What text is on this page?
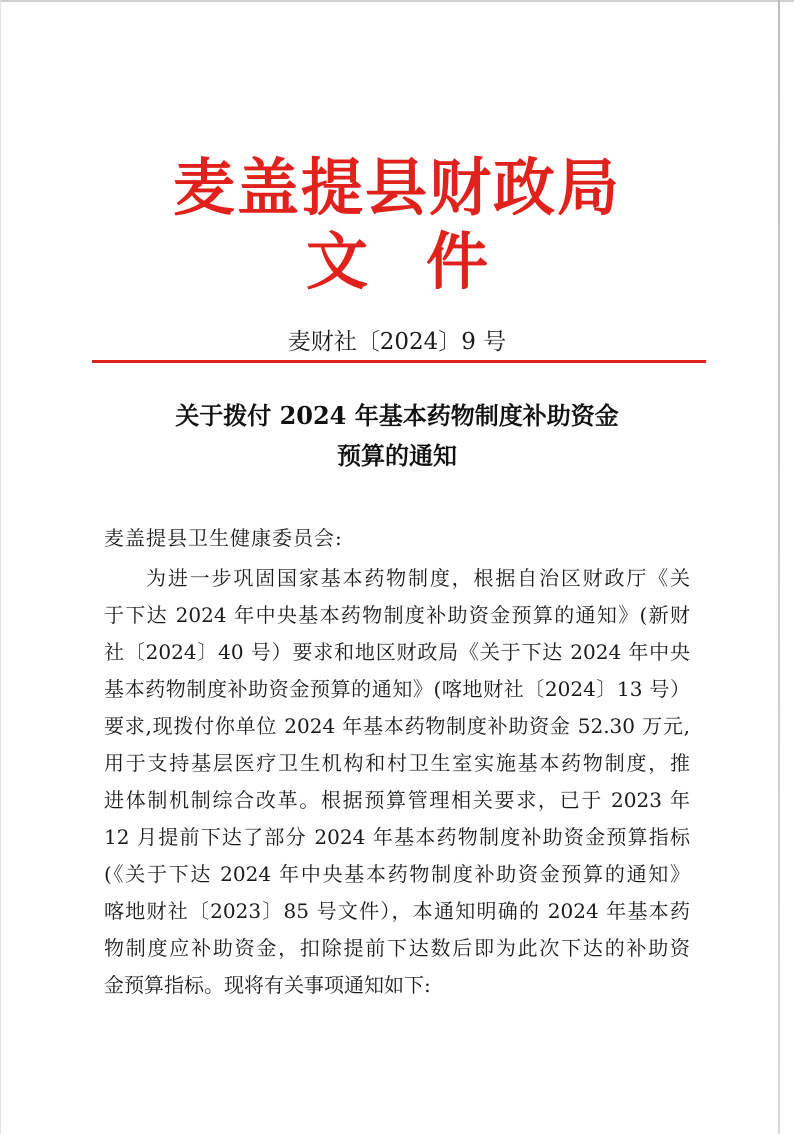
麦盖提县财政局
文件
麦财社〔2024〕9 号
关于拨付 2024 年基本药物制度补助资金
预算的通知
麦盖提县卫生健康委员会:
为进一步巩固国家基本药物制度，根据自治区财政厅《关
于下达 2024 年中央基本药物制度补助资金预算的通知》(新财
社〔2024〕40 号）要求和地区财政局《关于下达 2024 年中央
基本药物制度补助资金预算的通知》(喀地财社〔2024〕13 号）
要求,现拨付你单位 2024 年基本药物制度补助资金 52.30 万元,
用于支持基层医疗卫生机构和村卫生室实施基本药物制度，推
进体制机制综合改革。根据预算管理相关要求，已于 2023 年
12 月提前下达了部分 2024 年基本药物制度补助资金预算指标
(《关于下达 2024 年中央基本药物制度补助资金预算的通知》
喀地财社〔2023〕85 号文件），本通知明确的 2024 年基本药
物制度应补助资金，扣除提前下达数后即为此次下达的补助资
金预算指标。现将有关事项通知如下:
